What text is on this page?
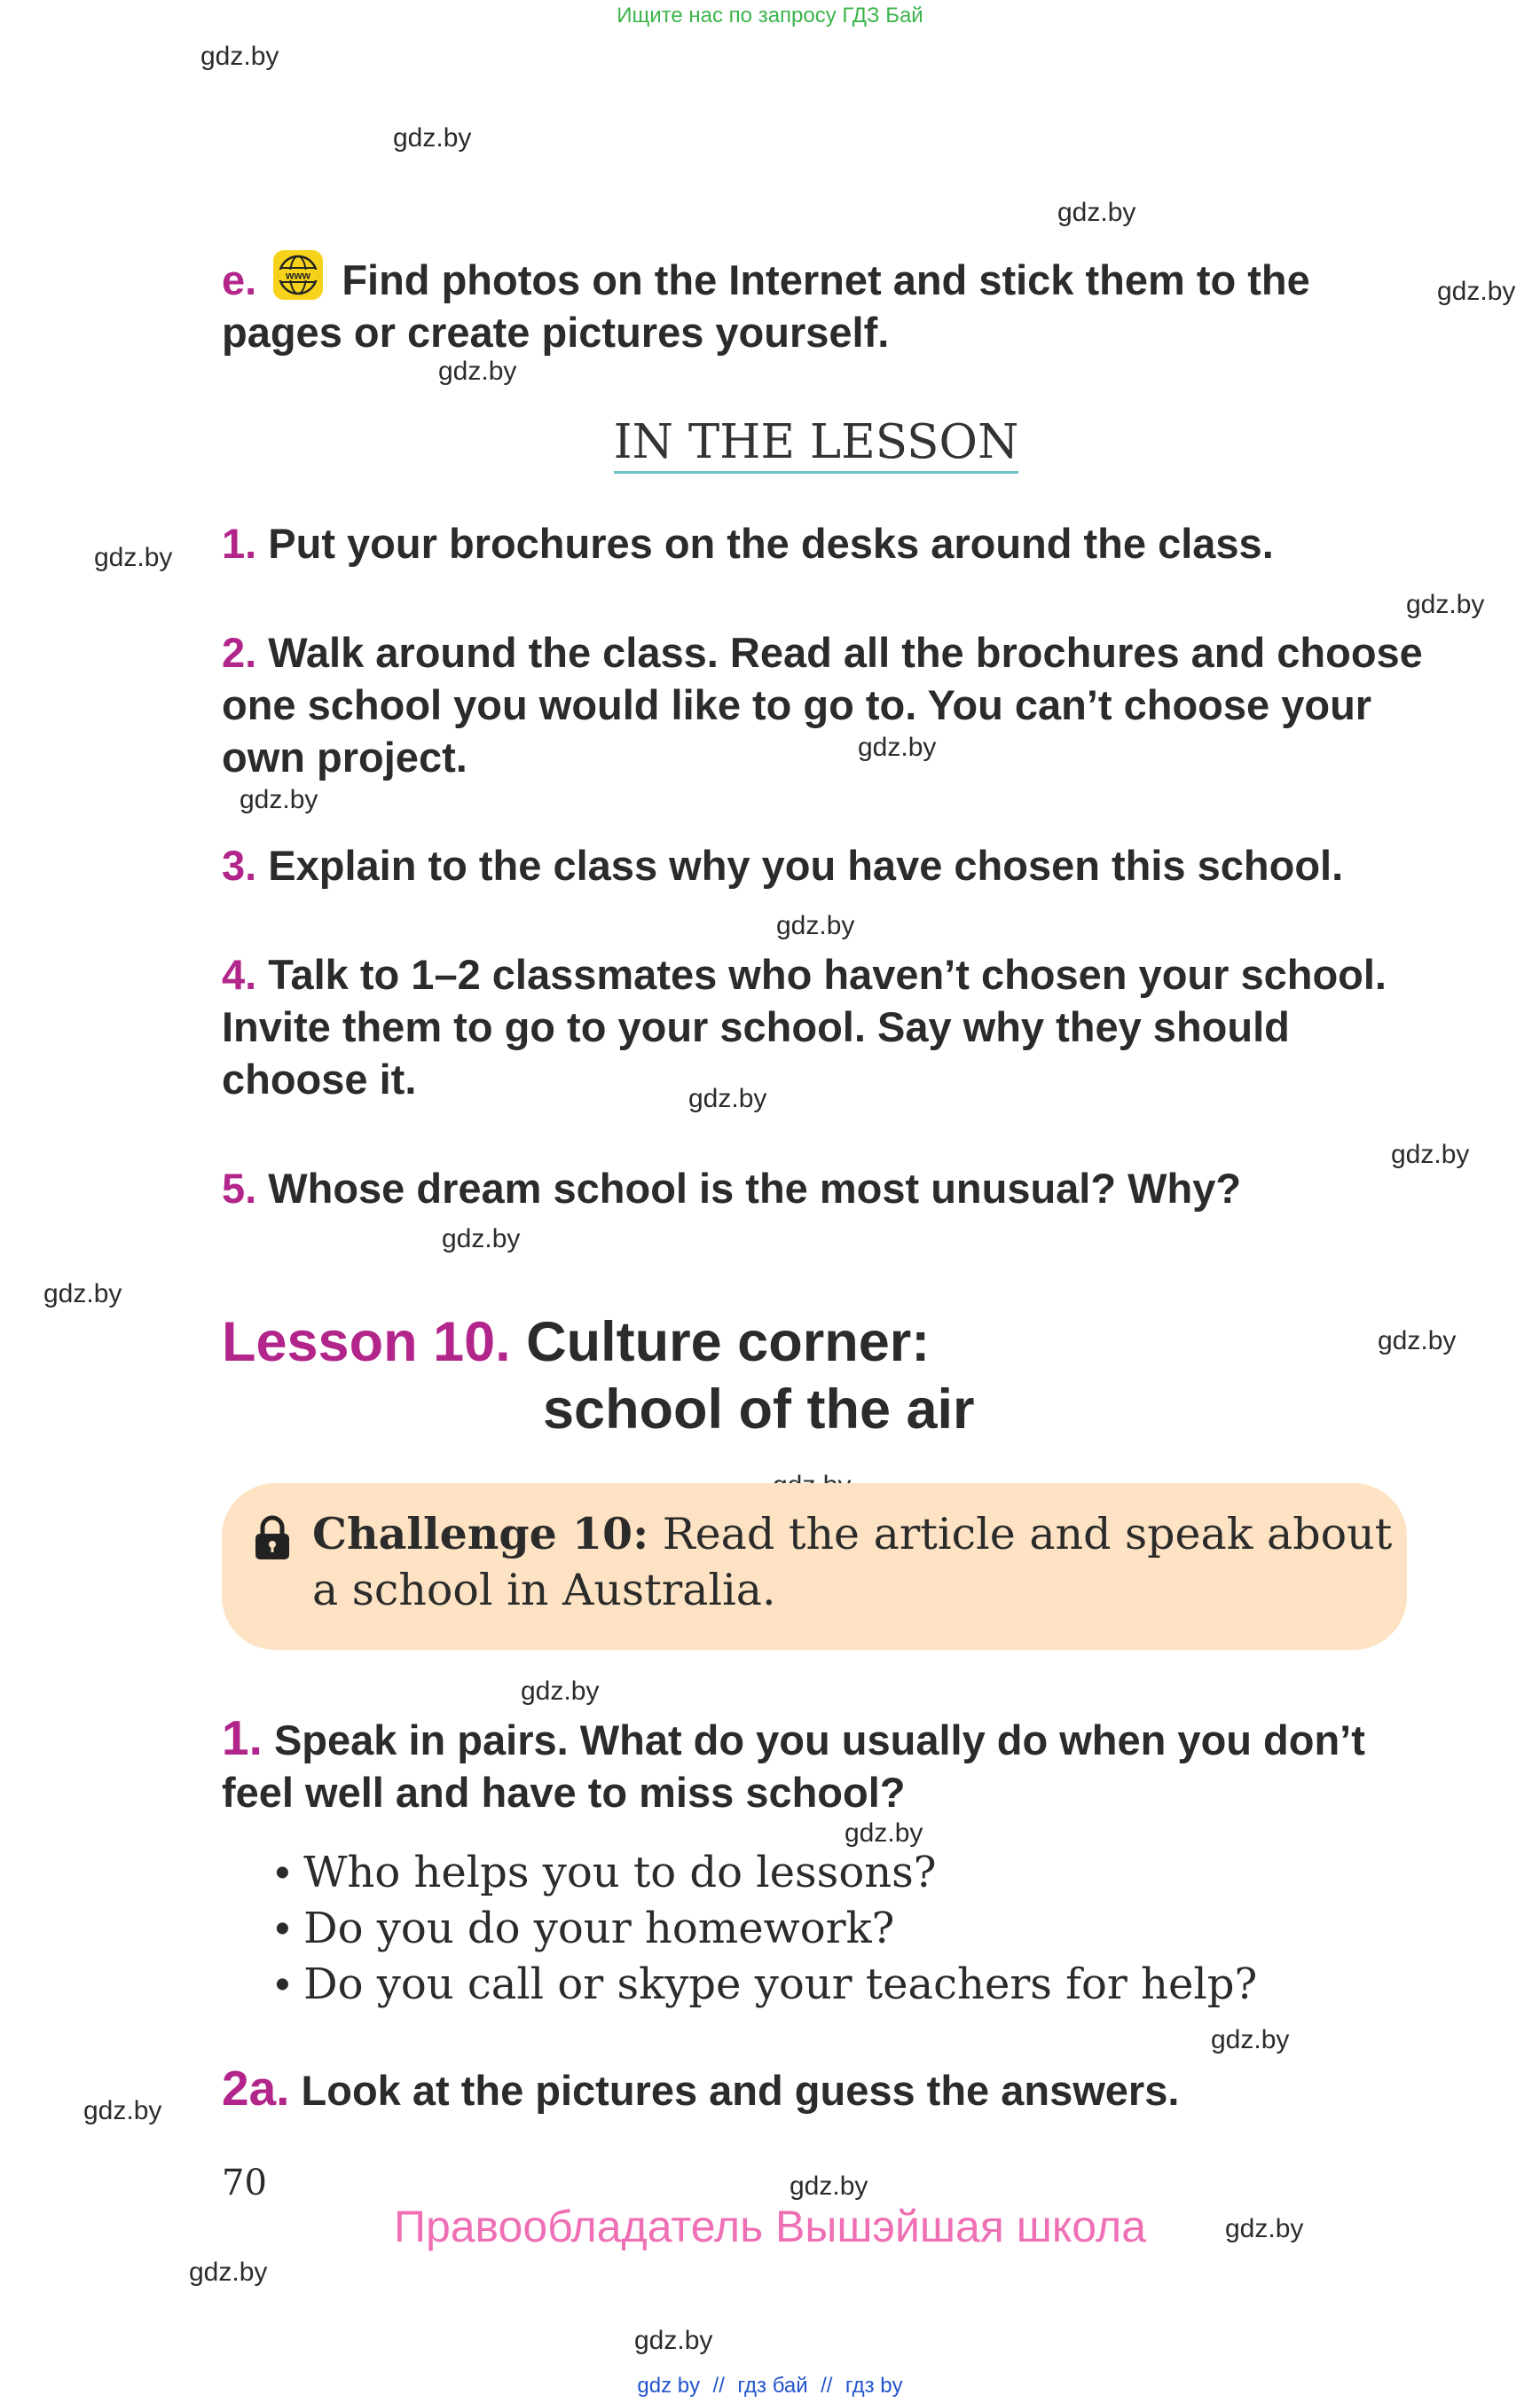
Ищите нас по запросу ГДЗ Бай
gdz.by
gdz.by
gdz.by
gdz.by
gdz.by
gdz.by
gdz.by
gdz.by
gdz.by
gdz.by
gdz.by
gdz.by
gdz.by
gdz.by
gdz.by
gdz.by
gdz.by
gdz.by
gdz.by
gdz.by
gdz.by
gdz.by
gdz.by
e.	www Find photos on the Internet and stick them to the
pages or create pictures yourself.
IN THE LESSON
1. Put your brochures on the desks around the class.
2. Walk around the class. Read all the brochures and choose
one school you would like to go to. You can’t choose your
own project.
3. Explain to the class why you have chosen this school.
4. Talk to 1–2 classmates who haven’t chosen your school.
Invite them to go to your school. Say why they should
choose it.
5. Whose dream school is the most unusual? Why?
Lesson 10. Culture corner:
school of the air
Challenge 10: Read the article and speak about
a school in Australia.
1. Speak in pairs. What do you usually do when you don’t
feel well and have to miss school?
• Who helps you to do lessons?
• Do you do your homework?
• Do you call or skype your teachers for help?
2a. Look at the pictures and guess the answers.
70
Правообладатель Вышэйшая школа
gdz by // гдз бай // гдз by
